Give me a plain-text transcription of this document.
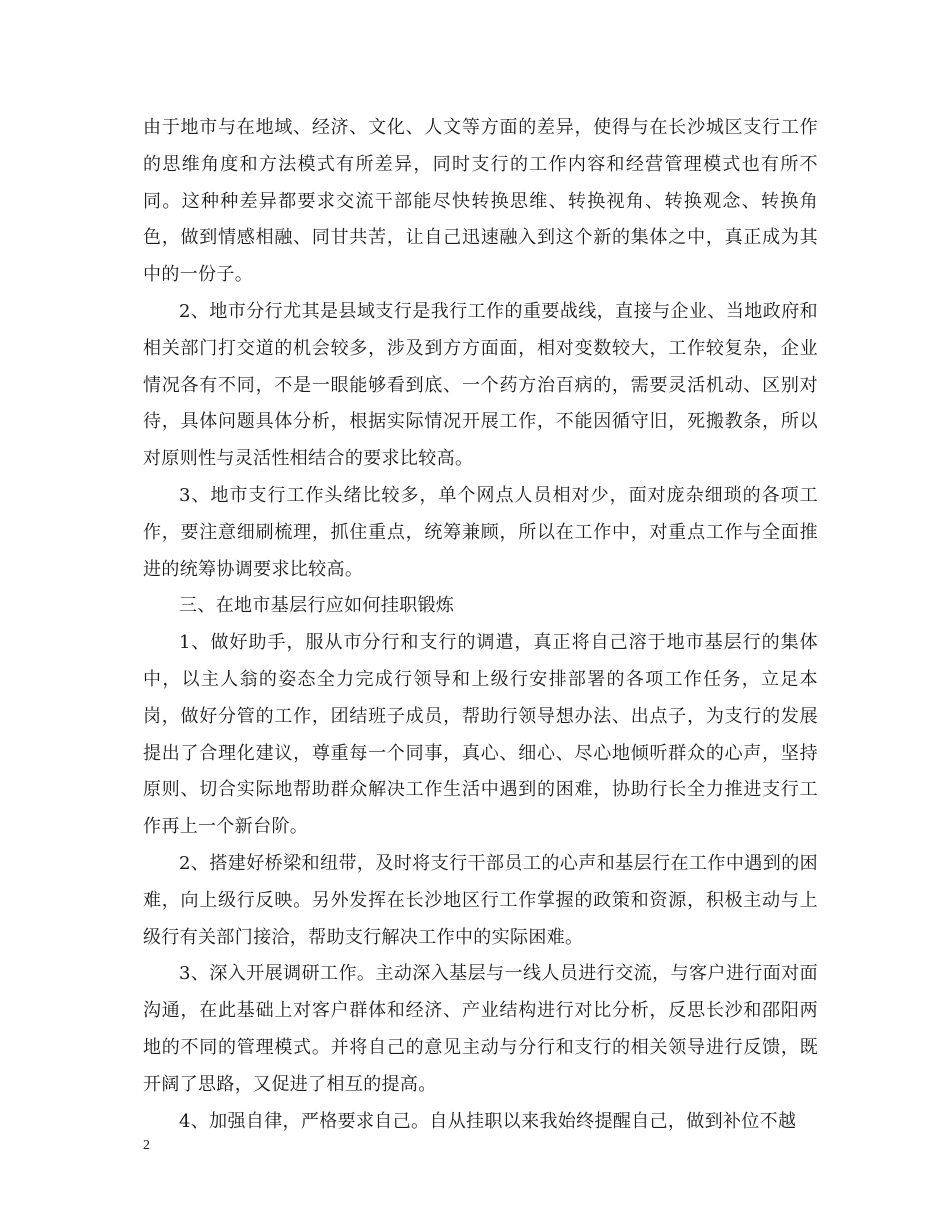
由于地市与在地域、经济、文化、人文等方面的差异，使得与在长沙城区支行工作的思维角度和方法模式有所差异，同时支行的工作内容和经营管理模式也有所不同。这种种差异都要求交流干部能尽快转换思维、转换视角、转换观念、转换角色，做到情感相融、同甘共苦，让自己迅速融入到这个新的集体之中，真正成为其中的一份子。

2、地市分行尤其是县域支行是我行工作的重要战线，直接与企业、当地政府和相关部门打交道的机会较多，涉及到方方面面，相对变数较大，工作较复杂，企业情况各有不同，不是一眼能够看到底、一个药方治百病的，需要灵活机动、区别对待，具体问题具体分析，根据实际情况开展工作，不能因循守旧，死搬教条，所以对原则性与灵活性相结合的要求比较高。

3、地市支行工作头绪比较多，单个网点人员相对少，面对庞杂细琐的各项工作，要注意细刷梳理，抓住重点，统筹兼顾，所以在工作中，对重点工作与全面推进的统筹协调要求比较高。

三、在地市基层行应如何挂职锻炼

1、做好助手，服从市分行和支行的调遣，真正将自己溶于地市基层行的集体中，以主人翁的姿态全力完成行领导和上级行安排部署的各项工作任务，立足本岗，做好分管的工作，团结班子成员，帮助行领导想办法、出点子，为支行的发展提出了合理化建议，尊重每一个同事，真心、细心、尽心地倾听群众的心声，坚持原则、切合实际地帮助群众解决工作生活中遇到的困难，协助行长全力推进支行工作再上一个新台阶。

2、搭建好桥梁和纽带，及时将支行干部员工的心声和基层行在工作中遇到的困难，向上级行反映。另外发挥在长沙地区行工作掌握的政策和资源，积极主动与上级行有关部门接洽，帮助支行解决工作中的实际困难。

3、深入开展调研工作。主动深入基层与一线人员进行交流，与客户进行面对面沟通，在此基础上对客户群体和经济、产业结构进行对比分析，反思长沙和邵阳两地的不同的管理模式。并将自己的意见主动与分行和支行的相关领导进行反馈，既开阔了思路，又促进了相互的提高。

4、加强自律，严格要求自己。自从挂职以来我始终提醒自己，做到补位不越

2
